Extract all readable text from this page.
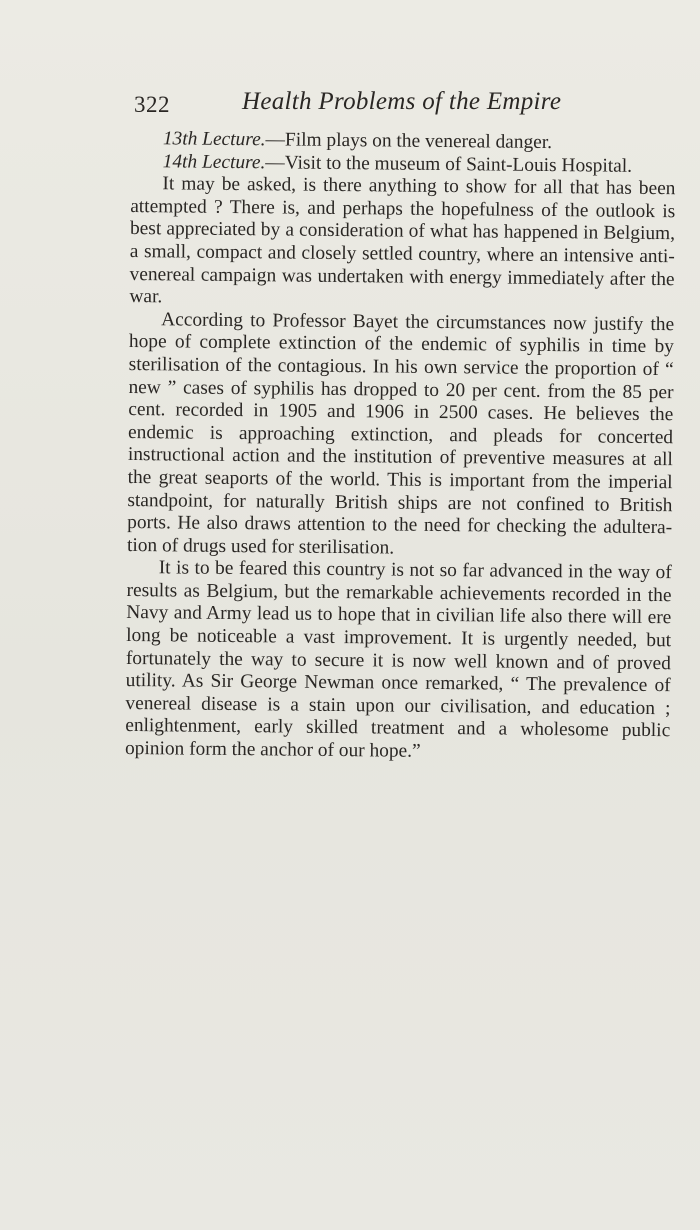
322	Health Problems of the Empire

13th Lecture.—Film plays on the venereal danger.

14th Lecture.—Visit to the museum of Saint-Louis Hospital.

It may be asked, is there anything to show for all that has been attempted ? There is, and perhaps the hopefulness of the outlook is best appreciated by a consideration of what has happened in Belgium, a small, compact and closely settled country, where an intensive anti-venereal campaign was undertaken with energy immediately after the war.

According to Professor Bayet the circumstances now justify the hope of complete extinction of the endemic of syphilis in time by sterilisation of the contagious. In his own service the proportion of “ new ” cases of syphilis has dropped to 20 per cent. from the 85 per cent. recorded in 1905 and 1906 in 2500 cases. He believes the endemic is approaching extinction, and pleads for concerted instructional action and the institution of preventive measures at all the great seaports of the world. This is important from the imperial standpoint, for naturally British ships are not confined to British ports. He also draws attention to the need for checking the adultera- tion of drugs used for sterilisation.

It is to be feared this country is not so far advanced in the way of results as Belgium, but the remarkable achievements recorded in the Navy and Army lead us to hope that in civilian life also there will ere long be noticeable a vast improvement. It is urgently needed, but fortunately the way to secure it is now well known and of proved utility. As Sir George Newman once remarked, “ The prevalence of venereal disease is a stain upon our civilisation, and education ; enlightenment, early skilled treatment and a wholesome public opinion form the anchor of our hope.”
